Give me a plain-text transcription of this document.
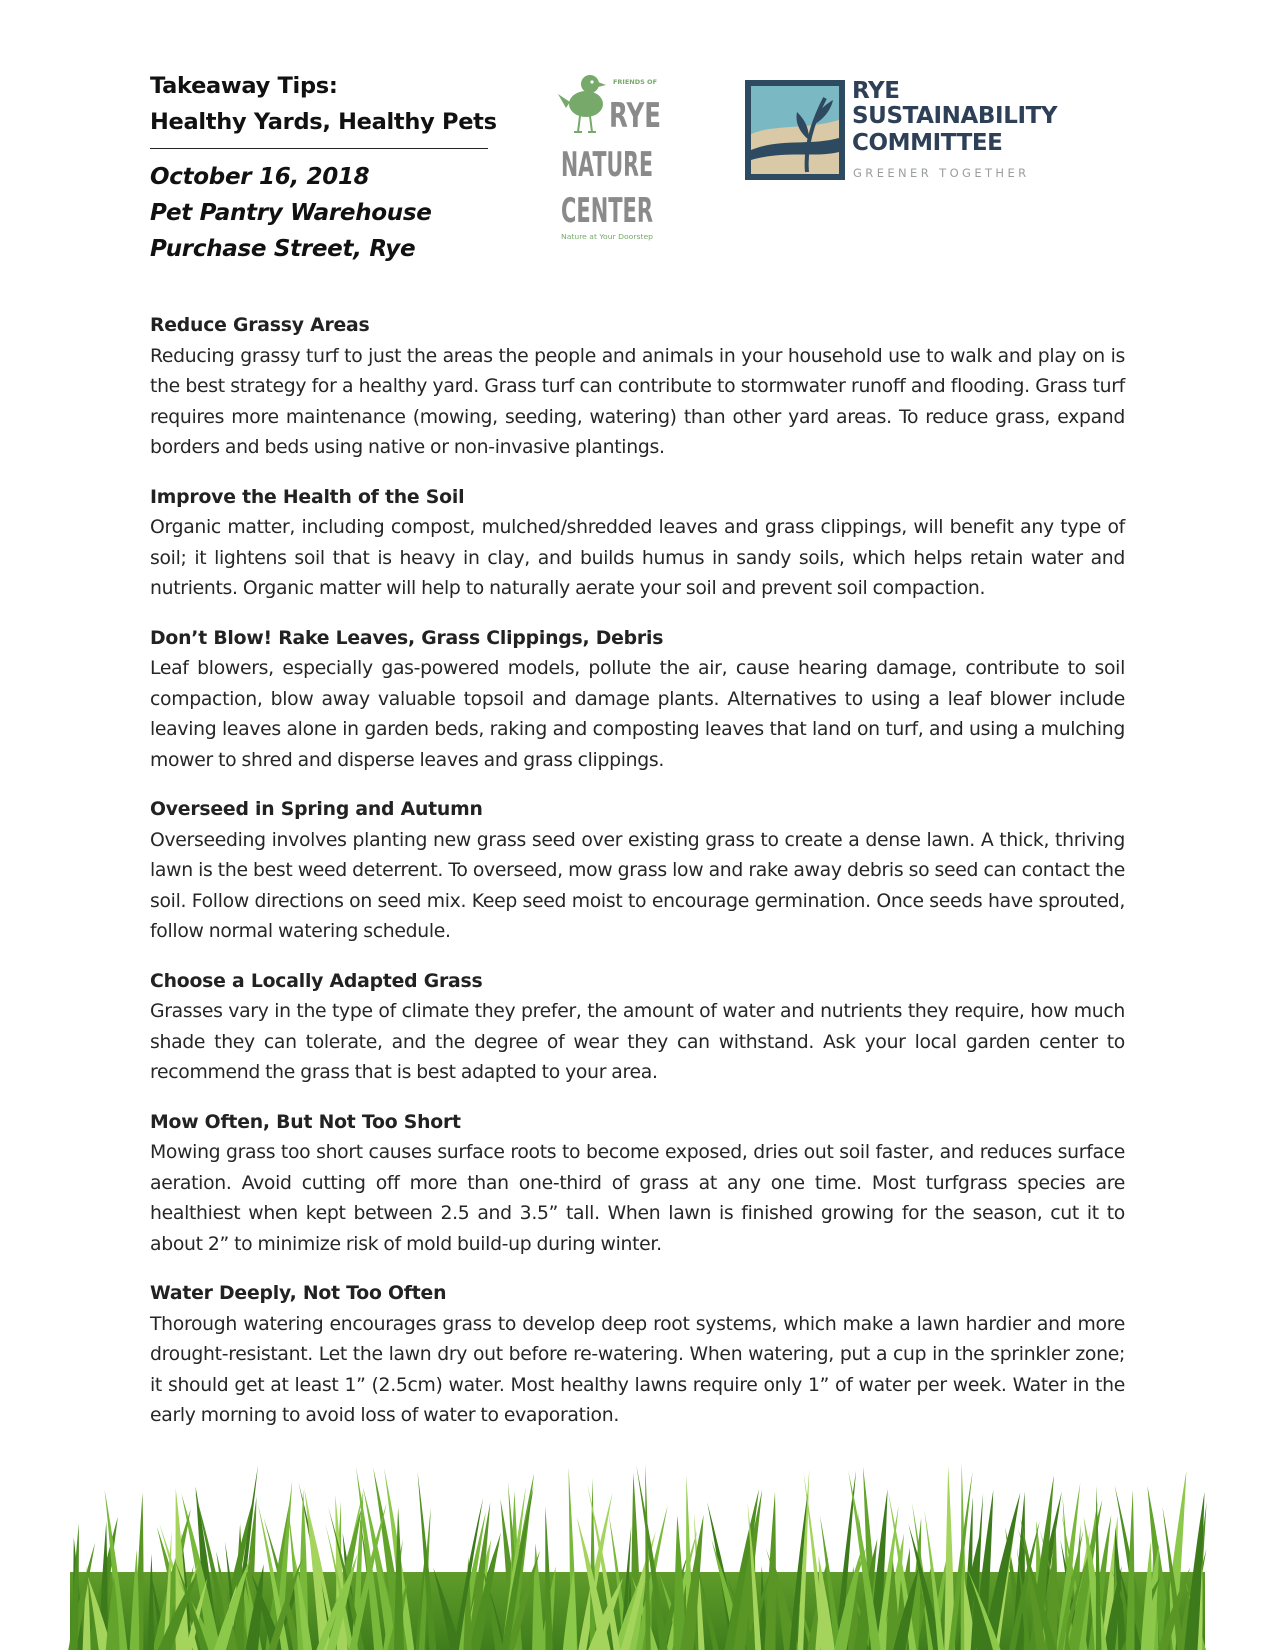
Takeaway Tips:
Healthy Yards, Healthy Pets
October 16, 2018
Pet Pantry Warehouse
Purchase Street, Rye
FRIENDS OF
RYE
NATURE
CENTER
Nature at Your Doorstep
RYE
SUSTAINABILITY
COMMITTEE
GREENER TOGETHER
Reduce Grassy Areas
Reducing grassy turf to just the areas the people and animals in your household use to walk and play on is the best strategy for a healthy yard. Grass turf can contribute to stormwater runoff and flooding. Grass turf requires more maintenance (mowing, seeding, watering) than other yard areas. To reduce grass, expand borders and beds using native or non-invasive plantings.
Improve the Health of the Soil
Organic matter, including compost, mulched/shredded leaves and grass clippings, will benefit any type of soil; it lightens soil that is heavy in clay, and builds humus in sandy soils, which helps retain water and nutrients. Organic matter will help to naturally aerate your soil and prevent soil compaction.
Don’t Blow! Rake Leaves, Grass Clippings, Debris
Leaf blowers, especially gas-powered models, pollute the air, cause hearing damage, contribute to soil compaction, blow away valuable topsoil and damage plants. Alternatives to using a leaf blower include leaving leaves alone in garden beds, raking and composting leaves that land on turf, and using a mulching mower to shred and disperse leaves and grass clippings.
Overseed in Spring and Autumn
Overseeding involves planting new grass seed over existing grass to create a dense lawn. A thick, thriving lawn is the best weed deterrent. To overseed, mow grass low and rake away debris so seed can contact the soil. Follow directions on seed mix. Keep seed moist to encourage germination. Once seeds have sprouted, follow normal watering schedule.
Choose a Locally Adapted Grass
Grasses vary in the type of climate they prefer, the amount of water and nutrients they require, how much shade they can tolerate, and the degree of wear they can withstand. Ask your local garden center to recommend the grass that is best adapted to your area.
Mow Often, But Not Too Short
Mowing grass too short causes surface roots to become exposed, dries out soil faster, and reduces surface aeration. Avoid cutting off more than one-third of grass at any one time. Most turfgrass species are healthiest when kept between 2.5 and 3.5” tall. When lawn is finished growing for the season, cut it to about 2” to minimize risk of mold build-up during winter.
Water Deeply, Not Too Often
Thorough watering encourages grass to develop deep root systems, which make a lawn hardier and more drought-resistant. Let the lawn dry out before re-watering. When watering, put a cup in the sprinkler zone; it should get at least 1” (2.5cm) water. Most healthy lawns require only 1” of water per week. Water in the early morning to avoid loss of water to evaporation.
